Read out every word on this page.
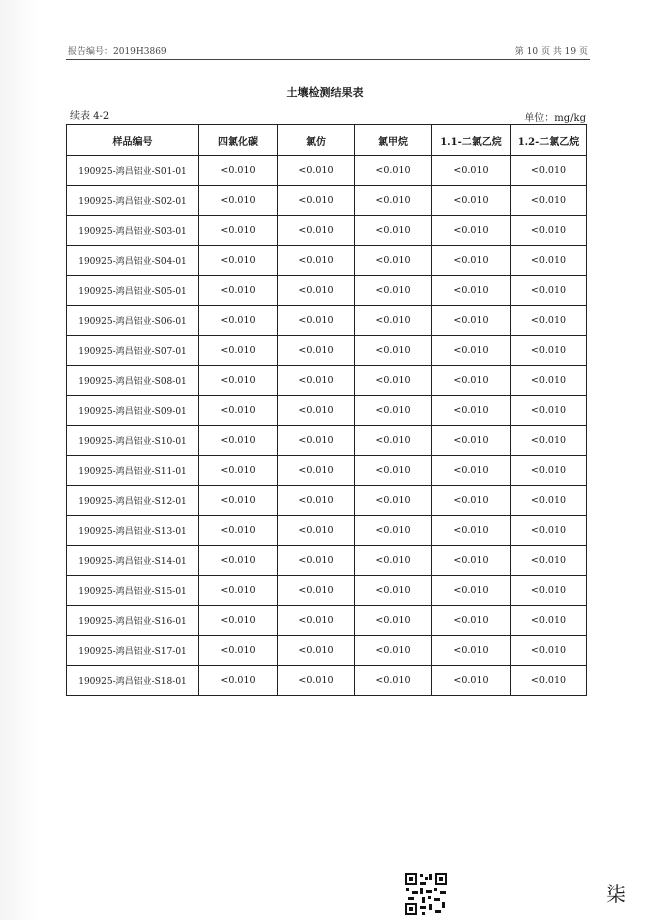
报告编号：2019H3869	第 10 页 共 19 页
土壤检测结果表
续表 4-2	单位：mg/kg
样品编号	四氯化碳	氯仿	氯甲烷	1.1-二氯乙烷	1.2-二氯乙烷
190925-鸿昌铝业-S01-01	<0.010	<0.010	<0.010	<0.010	<0.010
190925-鸿昌铝业-S02-01	<0.010	<0.010	<0.010	<0.010	<0.010
190925-鸿昌铝业-S03-01	<0.010	<0.010	<0.010	<0.010	<0.010
190925-鸿昌铝业-S04-01	<0.010	<0.010	<0.010	<0.010	<0.010
190925-鸿昌铝业-S05-01	<0.010	<0.010	<0.010	<0.010	<0.010
190925-鸿昌铝业-S06-01	<0.010	<0.010	<0.010	<0.010	<0.010
190925-鸿昌铝业-S07-01	<0.010	<0.010	<0.010	<0.010	<0.010
190925-鸿昌铝业-S08-01	<0.010	<0.010	<0.010	<0.010	<0.010
190925-鸿昌铝业-S09-01	<0.010	<0.010	<0.010	<0.010	<0.010
190925-鸿昌铝业-S10-01	<0.010	<0.010	<0.010	<0.010	<0.010
190925-鸿昌铝业-S11-01	<0.010	<0.010	<0.010	<0.010	<0.010
190925-鸿昌铝业-S12-01	<0.010	<0.010	<0.010	<0.010	<0.010
190925-鸿昌铝业-S13-01	<0.010	<0.010	<0.010	<0.010	<0.010
190925-鸿昌铝业-S14-01	<0.010	<0.010	<0.010	<0.010	<0.010
190925-鸿昌铝业-S15-01	<0.010	<0.010	<0.010	<0.010	<0.010
190925-鸿昌铝业-S16-01	<0.010	<0.010	<0.010	<0.010	<0.010
190925-鸿昌铝业-S17-01	<0.010	<0.010	<0.010	<0.010	<0.010
190925-鸿昌铝业-S18-01	<0.010	<0.010	<0.010	<0.010	<0.010
柒
